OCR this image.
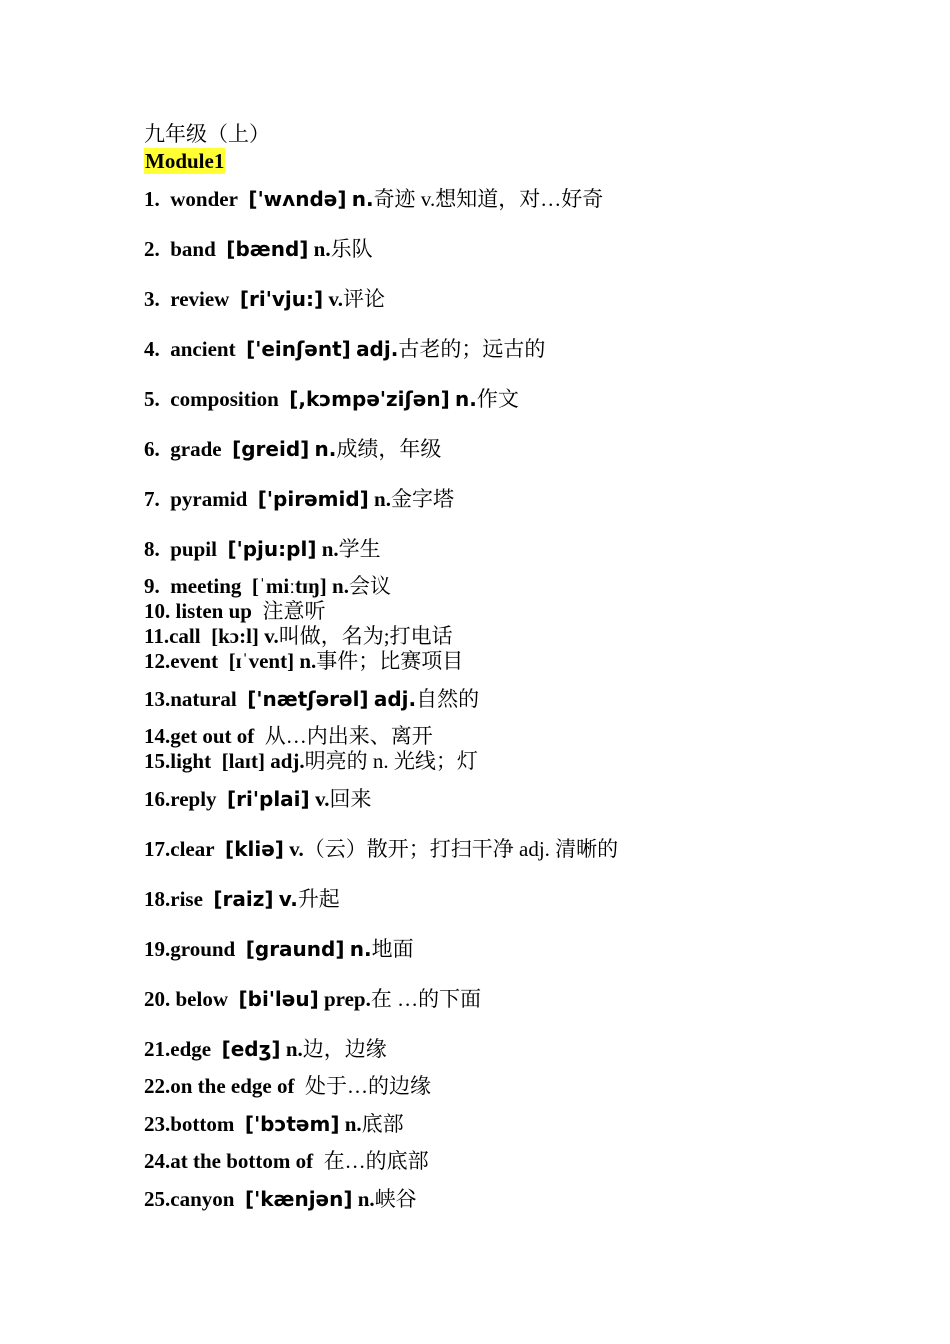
九年级（上）
Module1
1. wonder ['wʌndə] n.奇迹 v.想知道，对…好奇
2. band [bænd] n.乐队
3. review [ri'vju:] v.评论
4. ancient ['einʃənt] adj.古老的；远古的
5. composition [,kɔmpə'ziʃən] n.作文
6. grade [greid] n.成绩，年级
7. pyramid ['pirəmid] n.金字塔
8. pupil ['pju:pl] n.学生
9. meeting [ˈmiːtɪŋ] n.会议
10. listen up 注意听
11.call [kɔ:l] v.叫做，名为;打电话
12.event [ɪˈvent] n.事件；比赛项目
13.natural ['nætʃərəl] adj.自然的
14.get out of 从…内出来、离开
15.light [laɪt] adj.明亮的 n. 光线；灯
16.reply [ri'plai] v.回来
17.clear [kliə] v.（云）散开；打扫干净 adj. 清晰的
18.rise [raiz] v.升起
19.ground [graund] n.地面
20. below [bi'ləu] prep.在 …的下面
21.edge [edʒ] n.边，边缘
22.on the edge of 处于…的边缘
23.bottom ['bɔtəm] n.底部
24.at the bottom of 在…的底部
25.canyon ['kænjən] n.峡谷
